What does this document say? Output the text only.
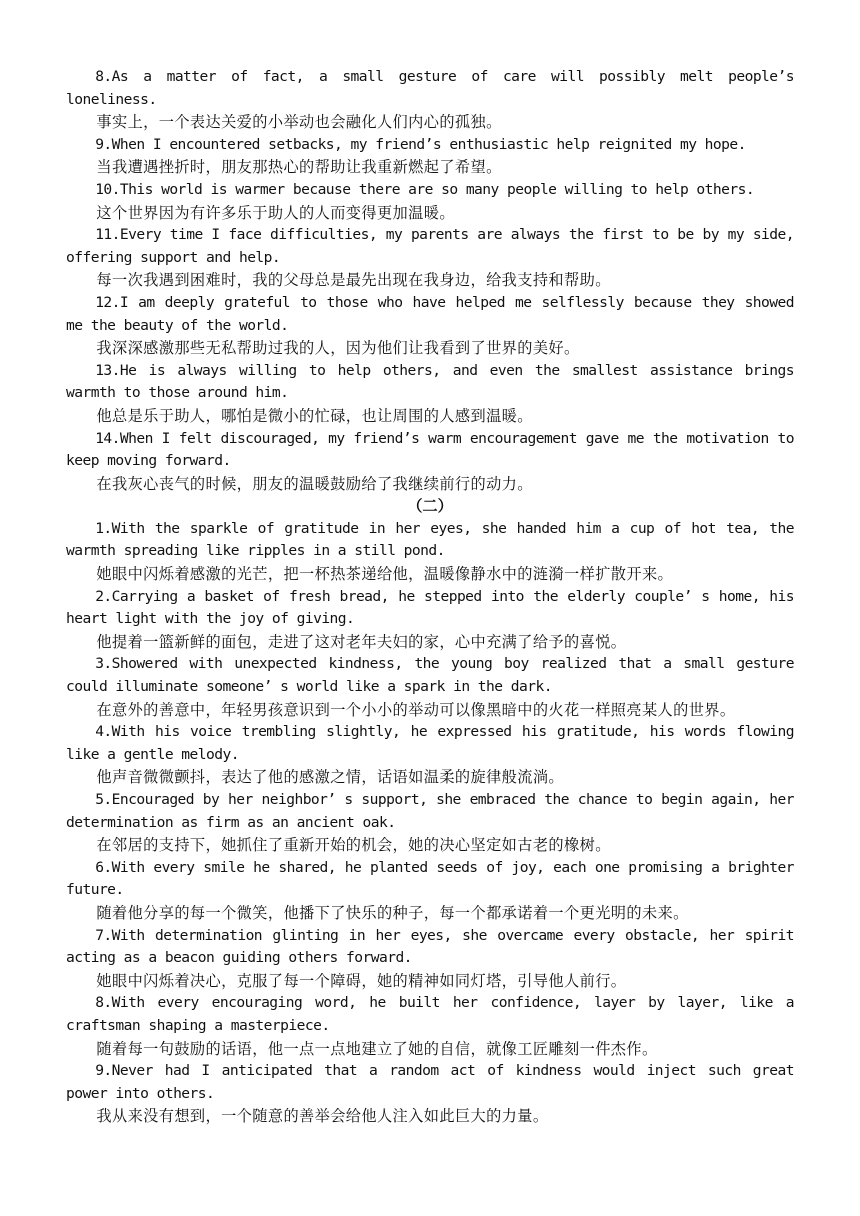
8.As a matter of fact, a small gesture of care will possibly melt people’s loneliness.

事实上，一个表达关爱的小举动也会融化人们内心的孤独。

9.When I encountered setbacks, my friend’s enthusiastic help reignited my hope.

当我遭遇挫折时，朋友那热心的帮助让我重新燃起了希望。

10.This world is warmer because there are so many people willing to help others.

这个世界因为有许多乐于助人的人而变得更加温暖。

11.Every time I face difficulties, my parents are always the first to be by my side, offering support and help.

每一次我遇到困难时，我的父母总是最先出现在我身边，给我支持和帮助。

12.I am deeply grateful to those who have helped me selflessly because they showed me the beauty of the world.

我深深感激那些无私帮助过我的人，因为他们让我看到了世界的美好。

13.He is always willing to help others, and even the smallest assistance brings warmth to those around him.

他总是乐于助人，哪怕是微小的忙碌，也让周围的人感到温暖。

14.When I felt discouraged, my friend’s warm encouragement gave me the motivation to keep moving forward.

在我灰心丧气的时候，朋友的温暖鼓励给了我继续前行的动力。

（二）

1.With the sparkle of gratitude in her eyes, she handed him a cup of hot tea, the warmth spreading like ripples in a still pond.

她眼中闪烁着感激的光芒，把一杯热茶递给他，温暖像静水中的涟漪一样扩散开来。

2.Carrying a basket of fresh bread, he stepped into the elderly couple’ s home, his heart light with the joy of giving.

他提着一篮新鲜的面包，走进了这对老年夫妇的家，心中充满了给予的喜悦。

3.Showered with unexpected kindness, the young boy realized that a small gesture could illuminate someone’ s world like a spark in the dark.

在意外的善意中，年轻男孩意识到一个小小的举动可以像黑暗中的火花一样照亮某人的世界。

4.With his voice trembling slightly, he expressed his gratitude, his words flowing like a gentle melody.

他声音微微颤抖，表达了他的感激之情，话语如温柔的旋律般流淌。

5.Encouraged by her neighbor’ s support, she embraced the chance to begin again, her determination as firm as an ancient oak.

在邻居的支持下，她抓住了重新开始的机会，她的决心坚定如古老的橡树。

6.With every smile he shared, he planted seeds of joy, each one promising a brighter future.

随着他分享的每一个微笑，他播下了快乐的种子，每一个都承诺着一个更光明的未来。

7.With determination glinting in her eyes, she overcame every obstacle, her spirit acting as a beacon guiding others forward.

她眼中闪烁着决心，克服了每一个障碍，她的精神如同灯塔，引导他人前行。

8.With every encouraging word, he built her confidence, layer by layer, like a craftsman shaping a masterpiece.

随着每一句鼓励的话语，他一点一点地建立了她的自信，就像工匠雕刻一件杰作。

9.Never had I anticipated that a random act of kindness would inject such great power into others.

我从来没有想到，一个随意的善举会给他人注入如此巨大的力量。
